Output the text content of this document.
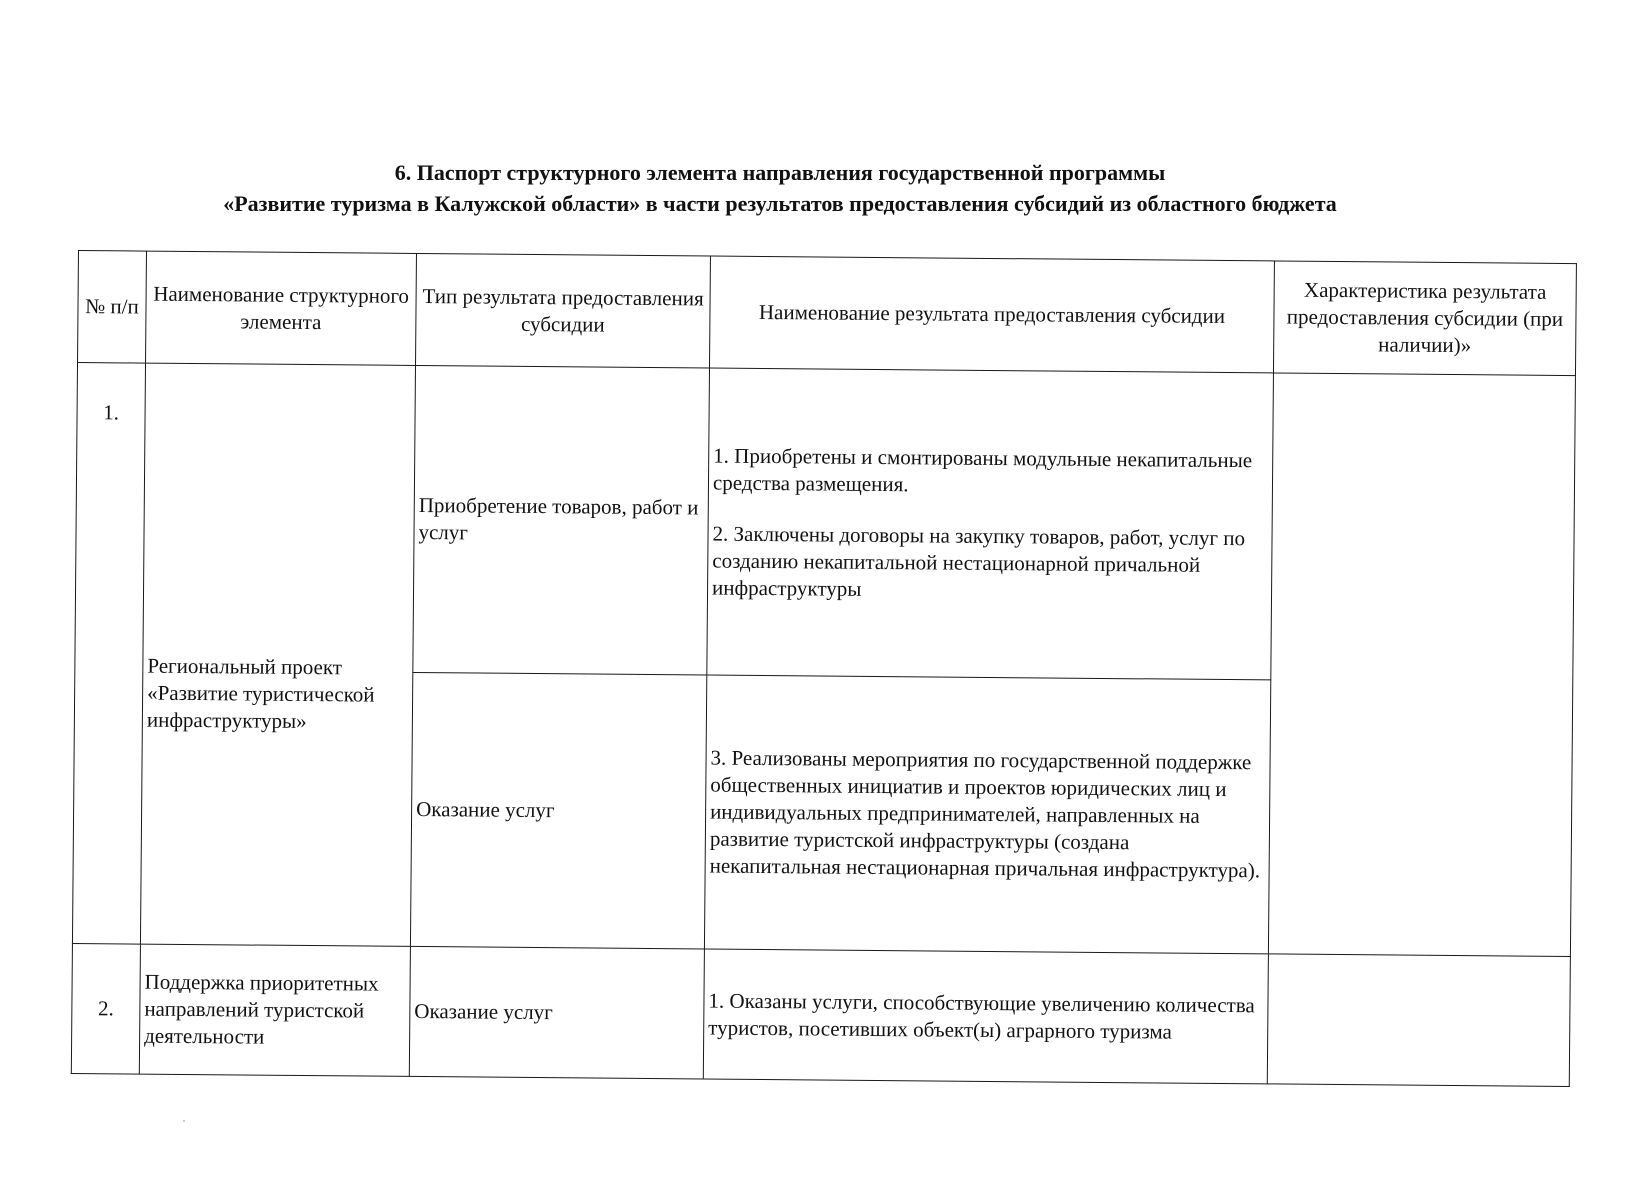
6. Паспорт структурного элемента направления государственной программы
«Развитие туризма в Калужской области» в части результатов предоставления субсидий из областного бюджета
№ п/п	Наименование структурного элемента	Тип результата предоставления субсидии	Наименование результата предоставления субсидии	Характеристика результата предоставления субсидии (при наличии)»
1.	Региональный проект «Развитие туристической инфраструктуры»	Приобретение товаров, работ и услуг	1. Приобретены и смонтированы модульные некапитальные средства размещения.
2. Заключены договоры на закупку товаров, работ, услуг по созданию некапитальной нестационарной причальной инфраструктуры	

		Оказание услуг	3. Реализованы мероприятия по государственной поддержке общественных инициатив и проектов юридических лиц и индивидуальных предпринимателей, направленных на развитие туристской инфраструктуры (создана некапитальная нестационарная причальная инфраструктура).	

2.	Поддержка приоритетных направлений туристской деятельности	Оказание услуг	1. Оказаны услуги, способствующие увеличению количества туристов, посетивших объект(ы) аграрного туризма	
